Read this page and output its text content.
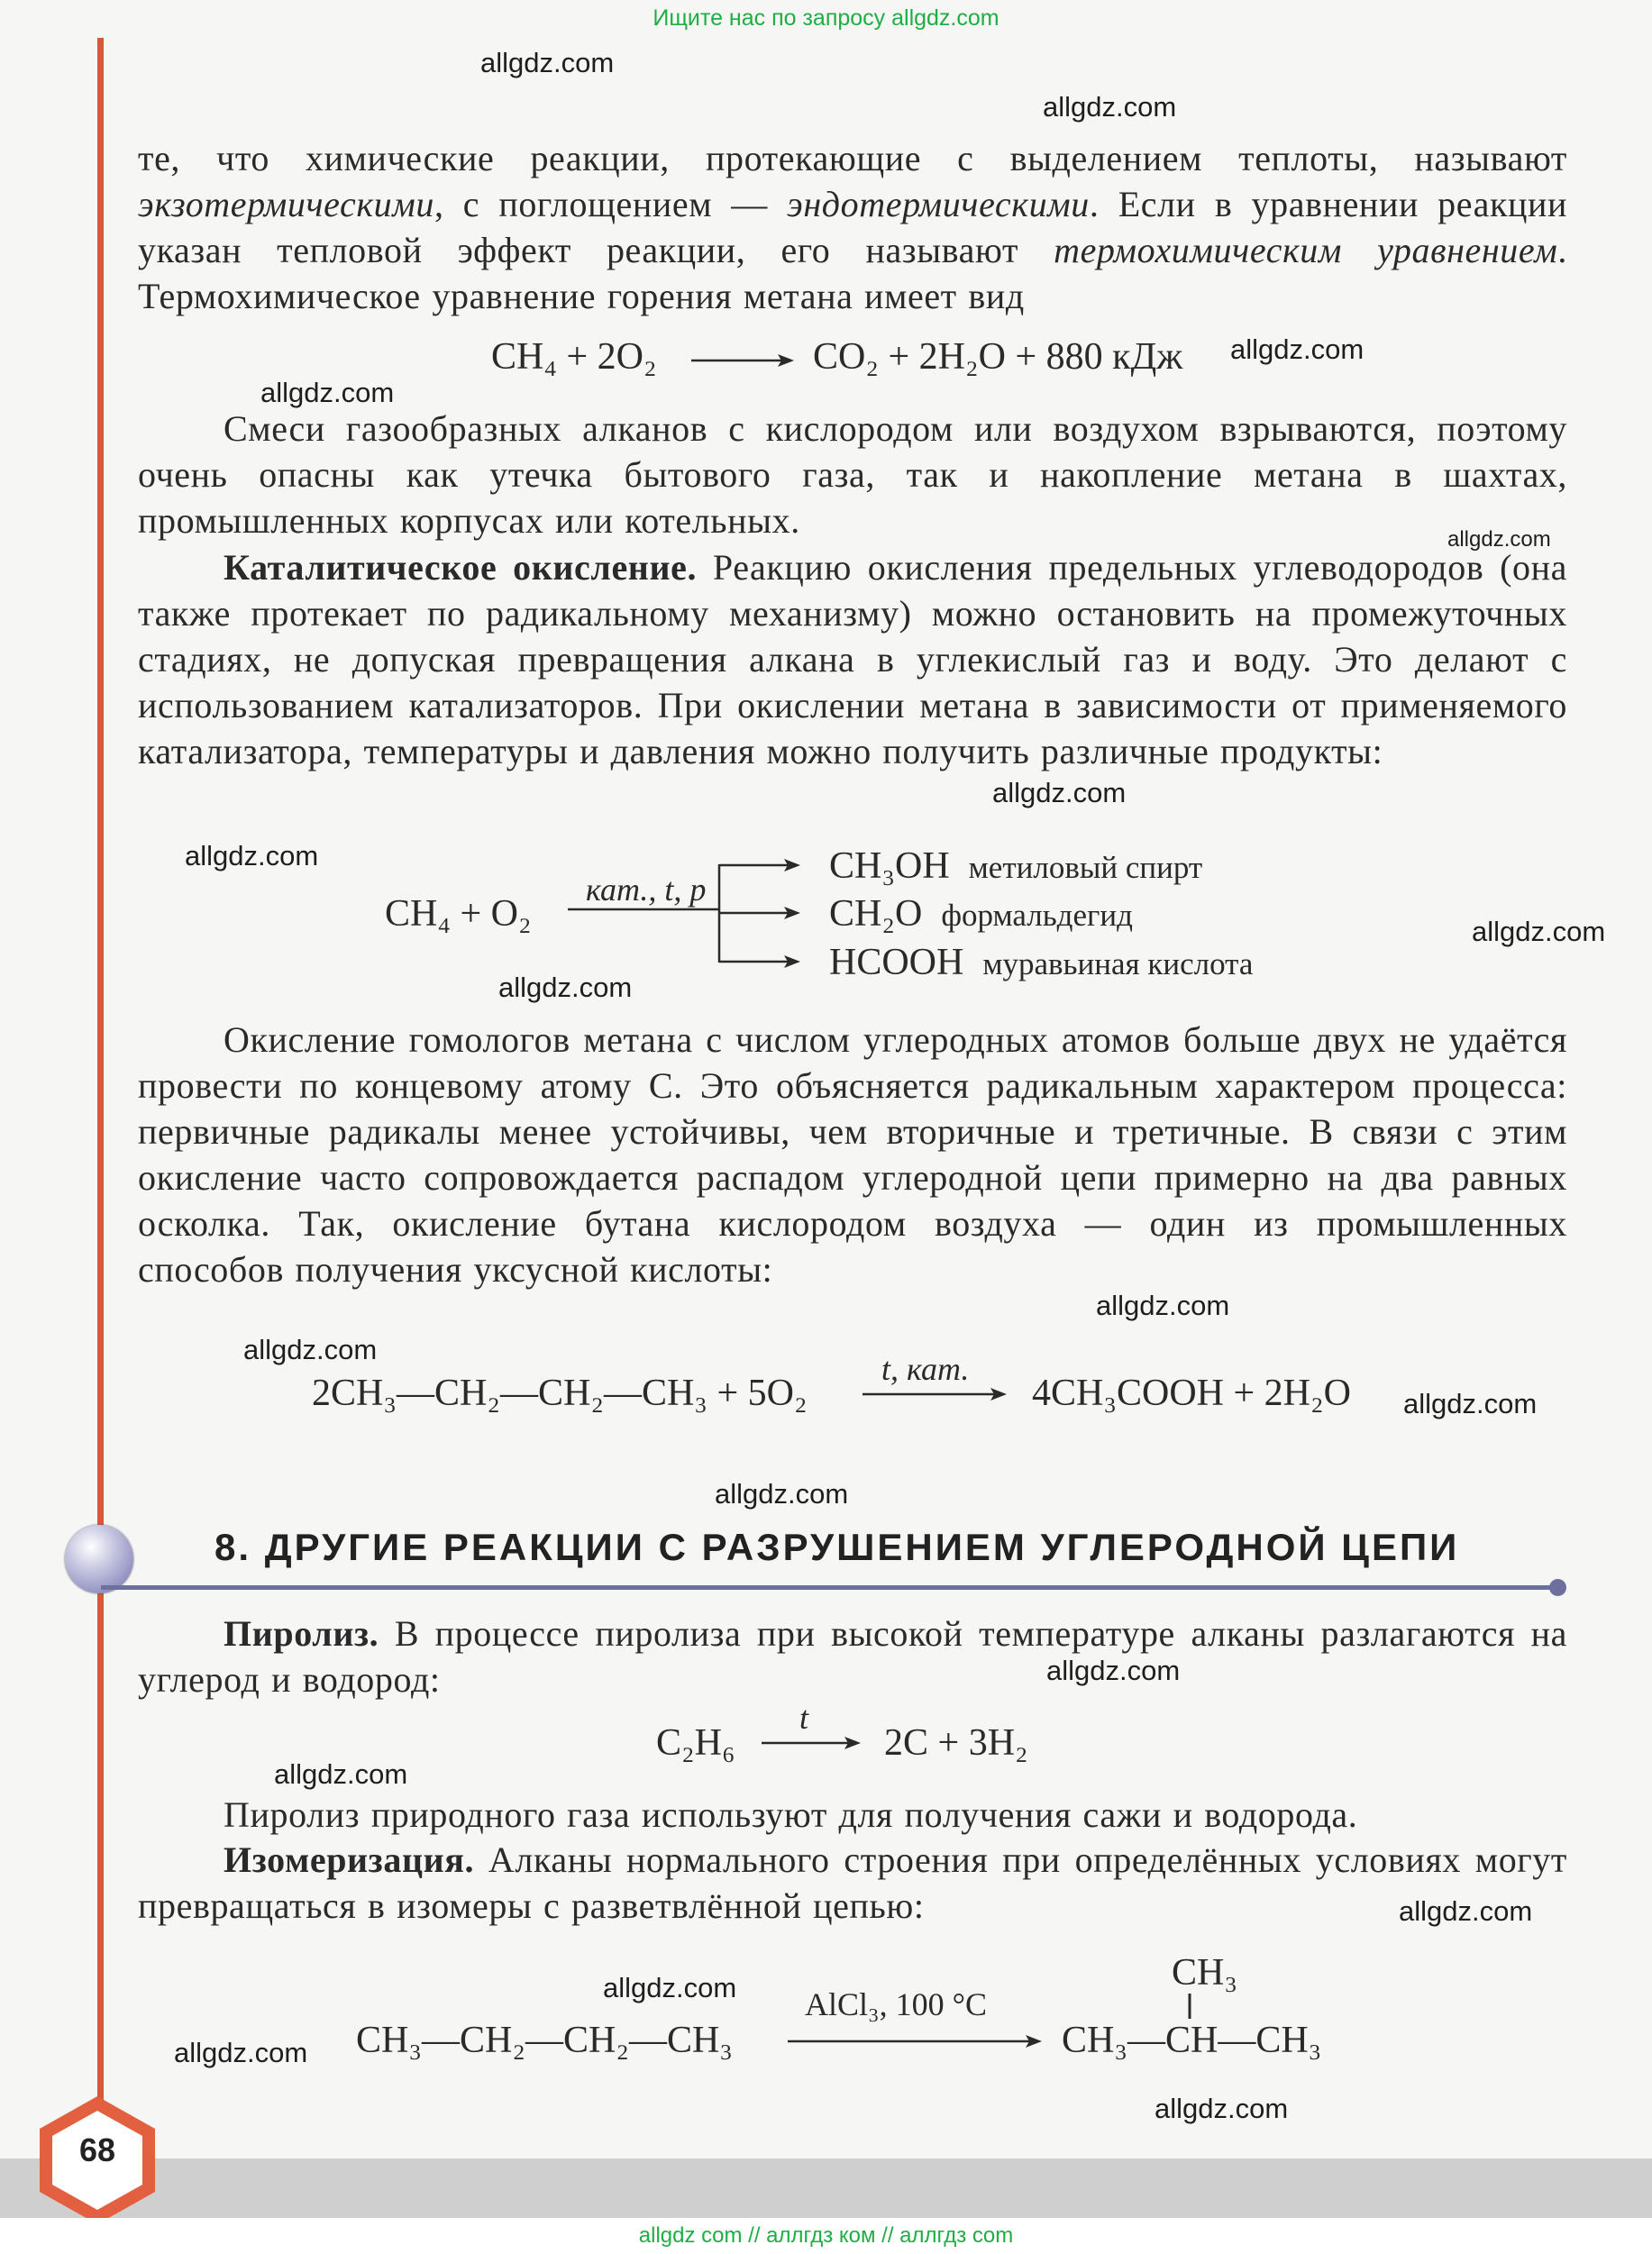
Ищите нас по запросу allgdz.com
allgdz.com
allgdz.com
allgdz.com
allgdz.com
allgdz.com
allgdz.com
allgdz.com
allgdz.com
allgdz.com
allgdz.com
allgdz.com
allgdz.com
allgdz.com
allgdz.com
allgdz.com
allgdz.com
allgdz.com
allgdz.com
allgdz.com
те, что химические реакции, протекающие с выделением теплоты, называют экзотермическими, с поглощением — эндотермическими. Если в уравнении реакции указан тепловой эффект реакции, его называют термохимическим уравнением. Термохимическое уравнение горения метана имеет вид
CH₄ + 2O₂	CO₂ + 2H₂O + 880 кДж
Смеси газообразных алканов с кислородом или воздухом взрываются, поэтому очень опасны как утечка бытового газа, так и накопление метана в шахтах, промышленных корпусах или котельных.
Каталитическое окисление. Реакцию окисления предельных углеводородов (она также протекает по радикальному механизму) можно остановить на промежуточных стадиях, не допуская превращения алкана в углекислый газ и воду. Это делают с использованием катализаторов. При окислении метана в зависимости от применяемого катализатора, температуры и давления можно получить различные продукты:
CH₄ + O₂
кат., t, p
CH₃OH метиловый спирт
CH₂O формальдегид
HCOOH муравьиная кислота
Окисление гомологов метана с числом углеродных атомов больше двух не удаётся провести по концевому атому С. Это объясняется радикальным характером процесса: первичные радикалы менее устойчивы, чем вторичные и третичные. В связи с этим окисление часто сопровождается распадом углеродной цепи примерно на два равных осколка. Так, окисление бутана кислородом воздуха — один из промышленных способов получения уксусной кислоты:
2CH₃—CH₂—CH₂—CH₃ + 5O₂
t, кат.
4CH₃COOH + 2H₂O
8. ДРУГИЕ РЕАКЦИИ С РАЗРУШЕНИЕМ УГЛЕРОДНОЙ ЦЕПИ
Пиролиз. В процессе пиролиза при высокой температуре алканы разлагаются на углерод и водород:
C₂H₆
t
2C + 3H₂
Пиролиз природного газа используют для получения сажи и водорода.
Изомеризация. Алканы нормального строения при определённых условиях могут превращаться в изомеры с разветвлённой цепью:
CH₃—CH₂—CH₂—CH₃
AlCl₃, 100 °C
CH₃
CH₃—CH—CH₃
68
allgdz com // аллгдз ком // аллгдз com
